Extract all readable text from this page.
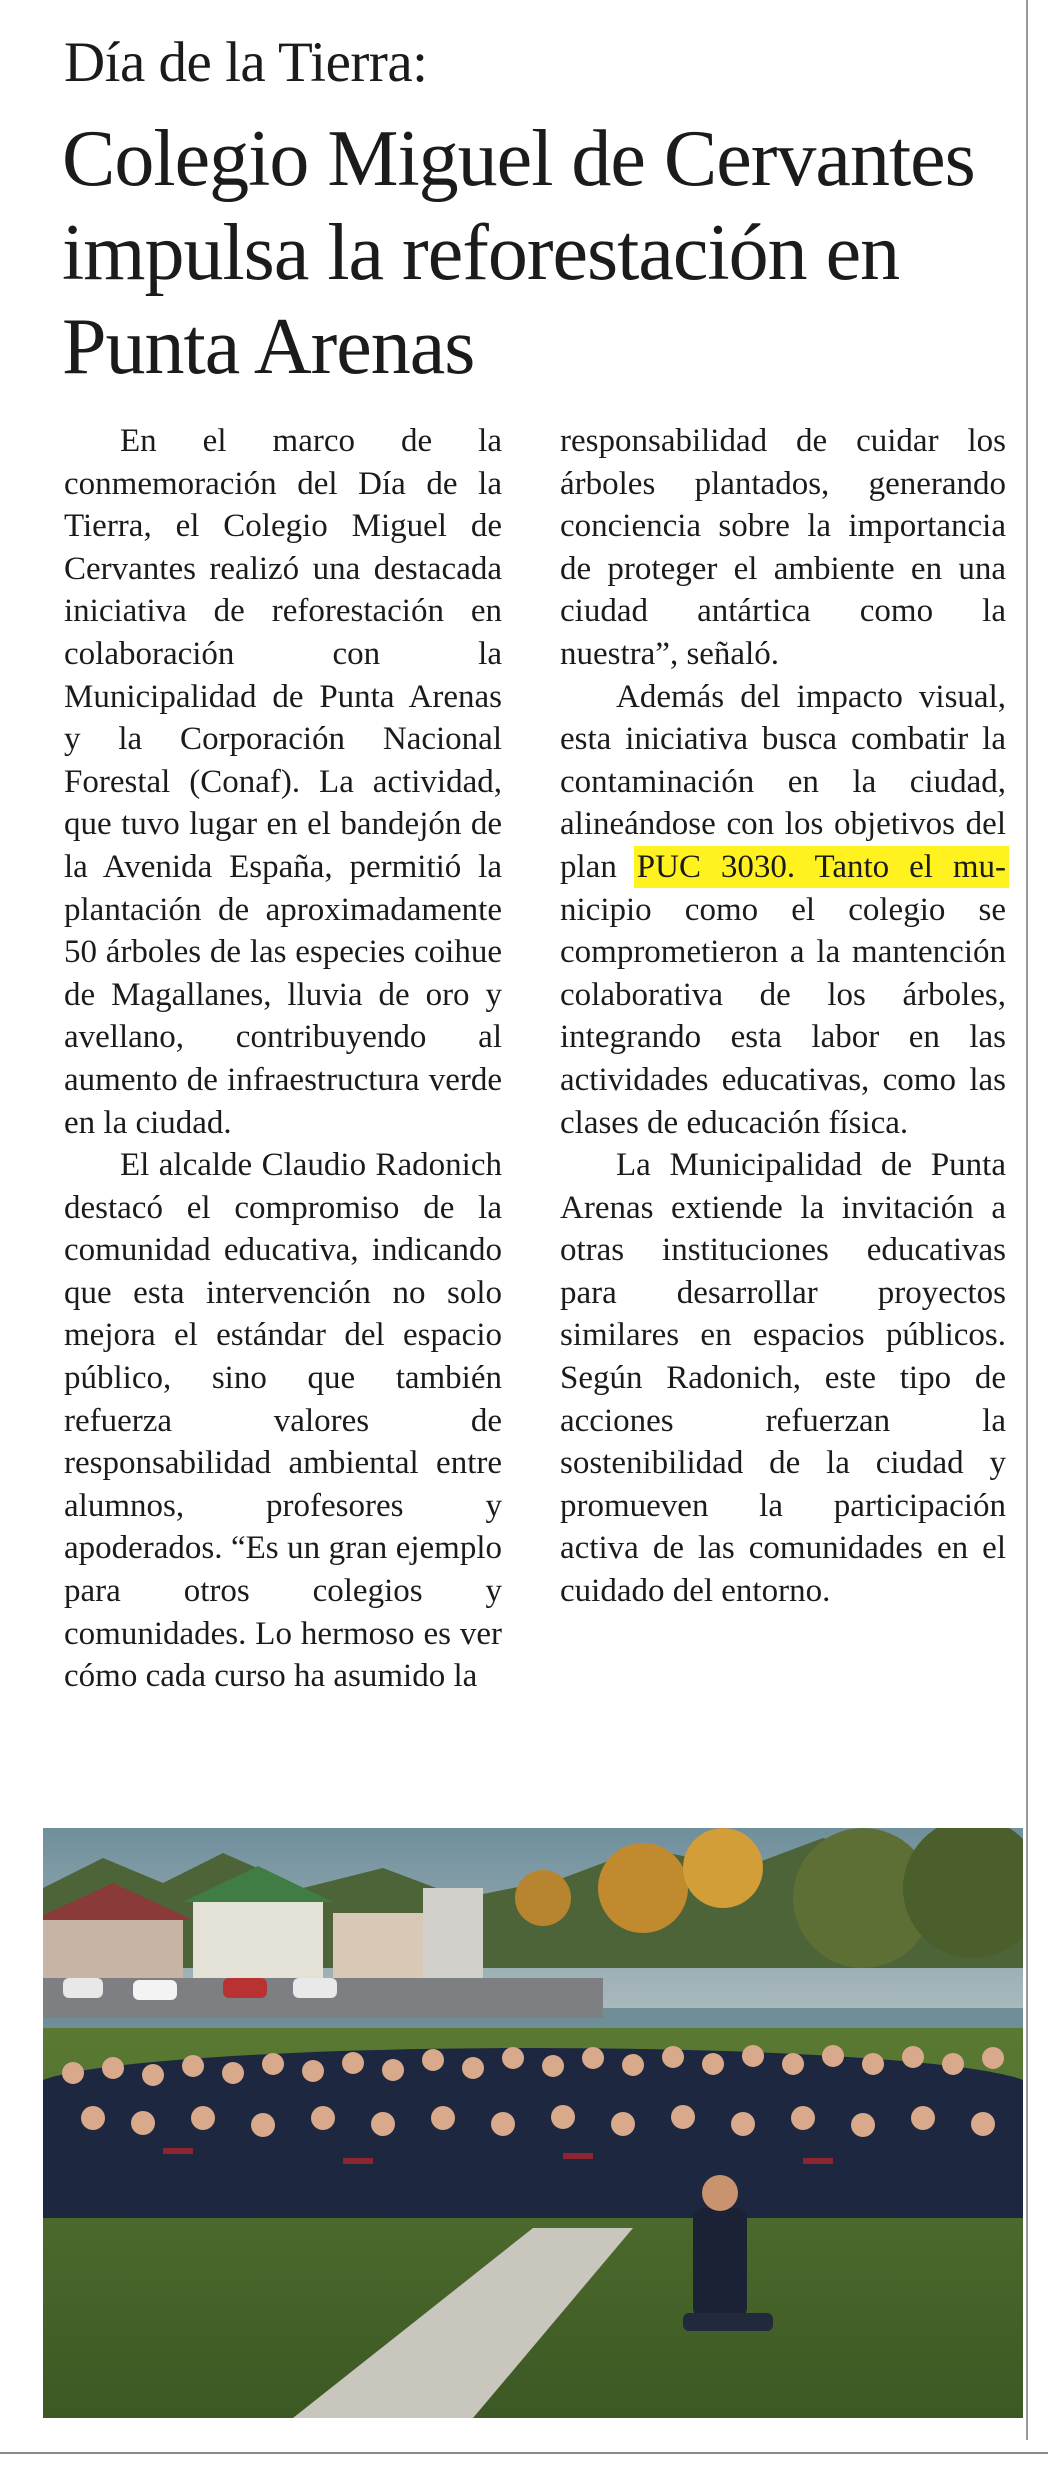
Día de la Tierra:
Colegio Miguel de Cervantes
impulsa la reforestación en
Punta Arenas

En el marco de la conmemoración del Día de la Tierra, el Colegio Miguel de Cervantes realizó una destacada iniciativa de reforestación en colaboración con la Municipalidad de Punta Arenas y la Corporación Nacional Forestal (Conaf). La actividad, que tuvo lugar en el bandejón de la Avenida España, permitió la plantación de aproximadamente 50 árboles de las especies coihue de Magallanes, lluvia de oro y avellano, contribuyendo al aumento de infraestructura verde en la ciudad.

El alcalde Claudio Radonich destacó el compromiso de la comunidad educativa, indicando que esta intervención no solo mejora el estándar del espacio público, sino que también refuerza valores de responsabilidad ambiental entre alumnos, profesores y apoderados. “Es un gran ejemplo para otros colegios y comunidades. Lo hermoso es ver cómo cada curso ha asumido la

responsabilidad de cuidar los árboles plantados, generando conciencia sobre la importancia de proteger el ambiente en una ciudad antártica como la nuestra”, señaló.

Además del impacto visual, esta iniciativa busca combatir la contaminación en la ciudad, alineándose con los objetivos del plan PUC 3030. Tanto el mu-nicipio como el colegio se comprometieron a la mantención colaborativa de los árboles, integrando esta labor en las actividades educativas, como las clases de educación física.

La Municipalidad de Punta Arenas extiende la invitación a otras instituciones educativas para desarrollar proyectos similares en espacios públicos. Según Radonich, este tipo de acciones refuerzan la sostenibilidad de la ciudad y promueven la participación activa de las comunidades en el cuidado del entorno.
